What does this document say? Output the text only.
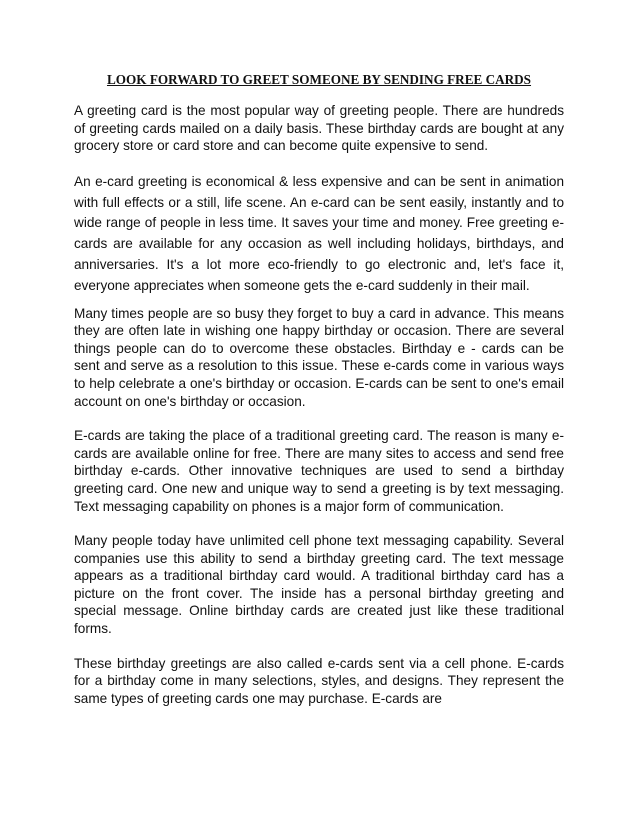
LOOK FORWARD TO GREET SOMEONE BY SENDING FREE CARDS

A greeting card is the most popular way of greeting people. There are hundreds of greeting cards mailed on a daily basis. These birthday cards are bought at any grocery store or card store and can become quite expensive to send.

An e-card greeting is economical & less expensive and can be sent in animation with full effects or a still, life scene. An e-card can be sent easily, instantly and to wide range of people in less time. It saves your time and money. Free greeting e-cards are available for any occasion as well including holidays, birthdays, and anniversaries. It's a lot more eco-friendly to go electronic and, let's face it, everyone appreciates when someone gets the e-card suddenly in their mail.

Many times people are so busy they forget to buy a card in advance. This means they are often late in wishing one happy birthday or occasion. There are several things people can do to overcome these obstacles. Birthday e - cards can be sent and serve as a resolution to this issue. These e-cards come in various ways to help celebrate a one's birthday or occasion. E-cards can be sent to one's email account on one's birthday or occasion.

E-cards are taking the place of a traditional greeting card. The reason is many e-cards are available online for free. There are many sites to access and send free birthday e-cards. Other innovative techniques are used to send a birthday greeting card. One new and unique way to send a greeting is by text messaging. Text messaging capability on phones is a major form of communication.

Many people today have unlimited cell phone text messaging capability. Several companies use this ability to send a birthday greeting card. The text message appears as a traditional birthday card would. A traditional birthday card has a picture on the front cover. The inside has a personal birthday greeting and special message. Online birthday cards are created just like these traditional forms.

These birthday greetings are also called e-cards sent via a cell phone. E-cards for a birthday come in many selections, styles, and designs. They represent the same types of greeting cards one may purchase. E-cards are
